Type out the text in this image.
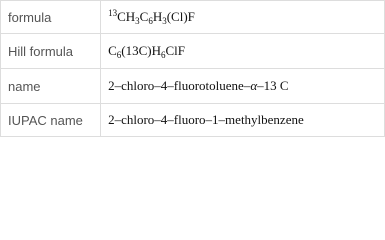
formula	$^{13}CH_3C_6H_3(Cl)F$
Hill formula	$C_6(13C)H_6ClF$
name	2–chloro–4–fluorotoluene–α–13 C
IUPAC name	2–chloro–4–fluoro–1–methylbenzene
